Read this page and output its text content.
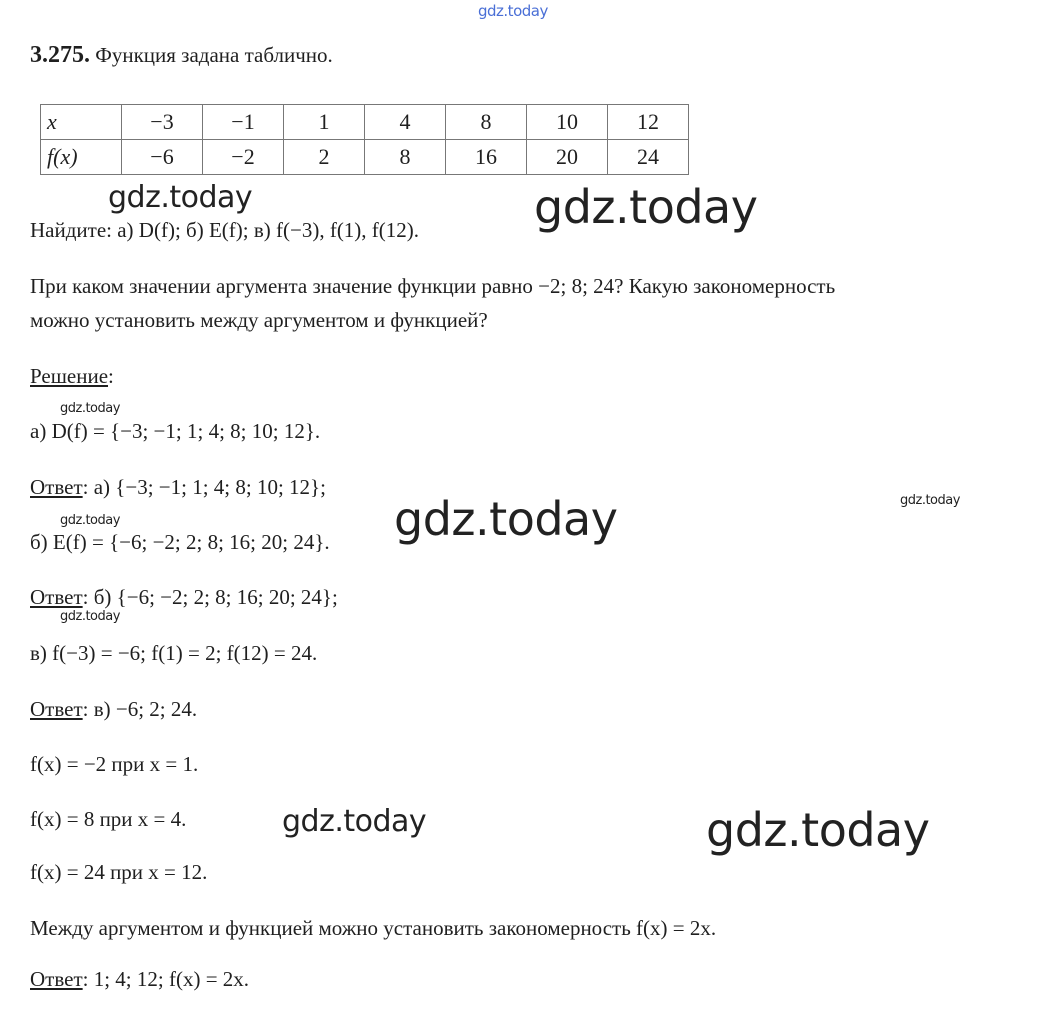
gdz.today
gdz.today	gdz.today
gdz.today
gdz.today
gdz.today	gdz.today
gdz.today
gdz.today	gdz.today
3.275. Функция задана таблично.
x	−3	−1	1	4	8	10	12
f(x)	−6	−2	2	8	16	20	24
Найдите: а) D(f); б) E(f); в) f(−3), f(1), f(12).
При каком значении аргумента значение функции равно −2; 8; 24? Какую закономерность
можно установить между аргументом и функцией?
Решение:
а) D(f) = {−3; −1; 1; 4; 8; 10; 12}.
Ответ: а) {−3; −1; 1; 4; 8; 10; 12};
б) E(f) = {−6; −2; 2; 8; 16; 20; 24}.
Ответ: б) {−6; −2; 2; 8; 16; 20; 24};
в) f(−3) = −6; f(1) = 2; f(12) = 24.
Ответ: в) −6; 2; 24.
f(x) = −2 при x = 1.
f(x) = 8 при x = 4.
f(x) = 24 при x = 12.
Между аргументом и функцией можно установить закономерность f(x) = 2x.
Ответ: 1; 4; 12; f(x) = 2x.
